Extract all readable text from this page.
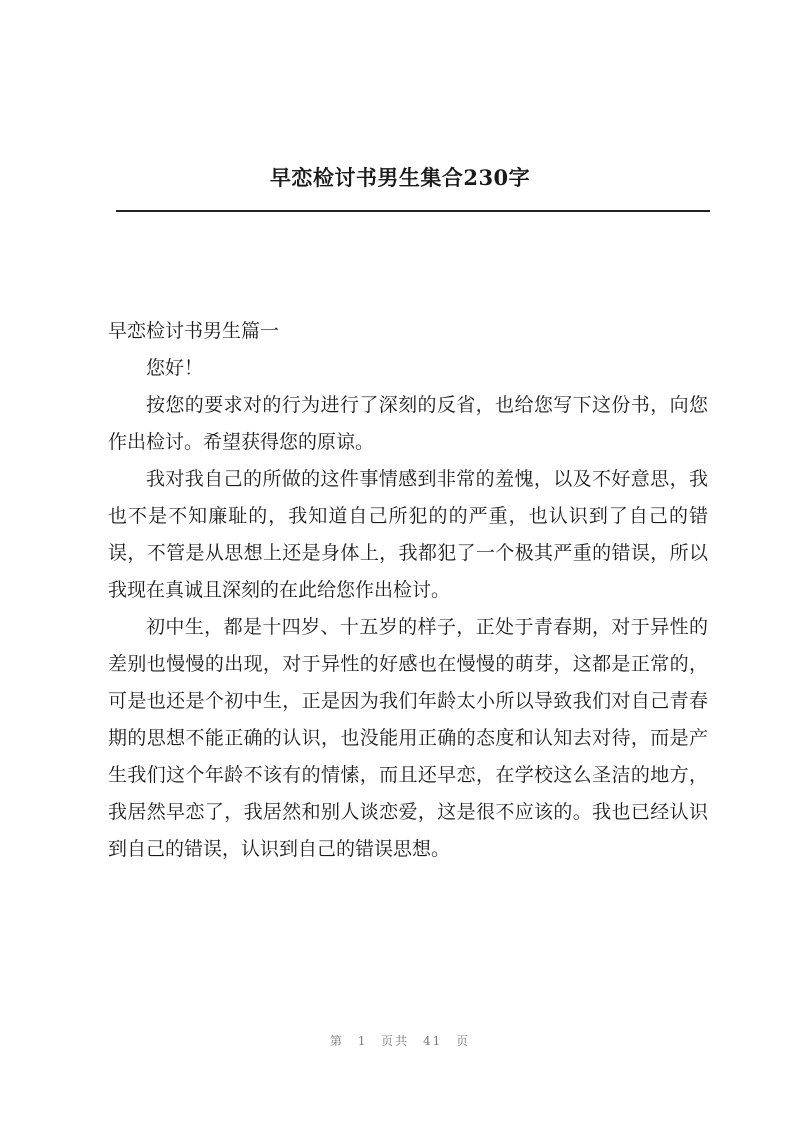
早恋检讨书男生集合230字

早恋检讨书男生篇一

您好！

按您的要求对的行为进行了深刻的反省，也给您写下这份书，向您作出检讨。希望获得您的原谅。

我对我自己的所做的这件事情感到非常的羞愧，以及不好意思，我也不是不知廉耻的，我知道自己所犯的的严重，也认识到了自己的错误，不管是从思想上还是身体上，我都犯了一个极其严重的错误，所以我现在真诚且深刻的在此给您作出检讨。

初中生，都是十四岁、十五岁的样子，正处于青春期，对于异性的差别也慢慢的出现，对于异性的好感也在慢慢的萌芽，这都是正常的，可是也还是个初中生，正是因为我们年龄太小所以导致我们对自己青春期的思想不能正确的认识，也没能用正确的态度和认知去对待，而是产生我们这个年龄不该有的情愫，而且还早恋，在学校这么圣洁的地方，我居然早恋了，我居然和别人谈恋爱，这是很不应该的。我也已经认识到自己的错误，认识到自己的错误思想。

第 1 页共 41 页
